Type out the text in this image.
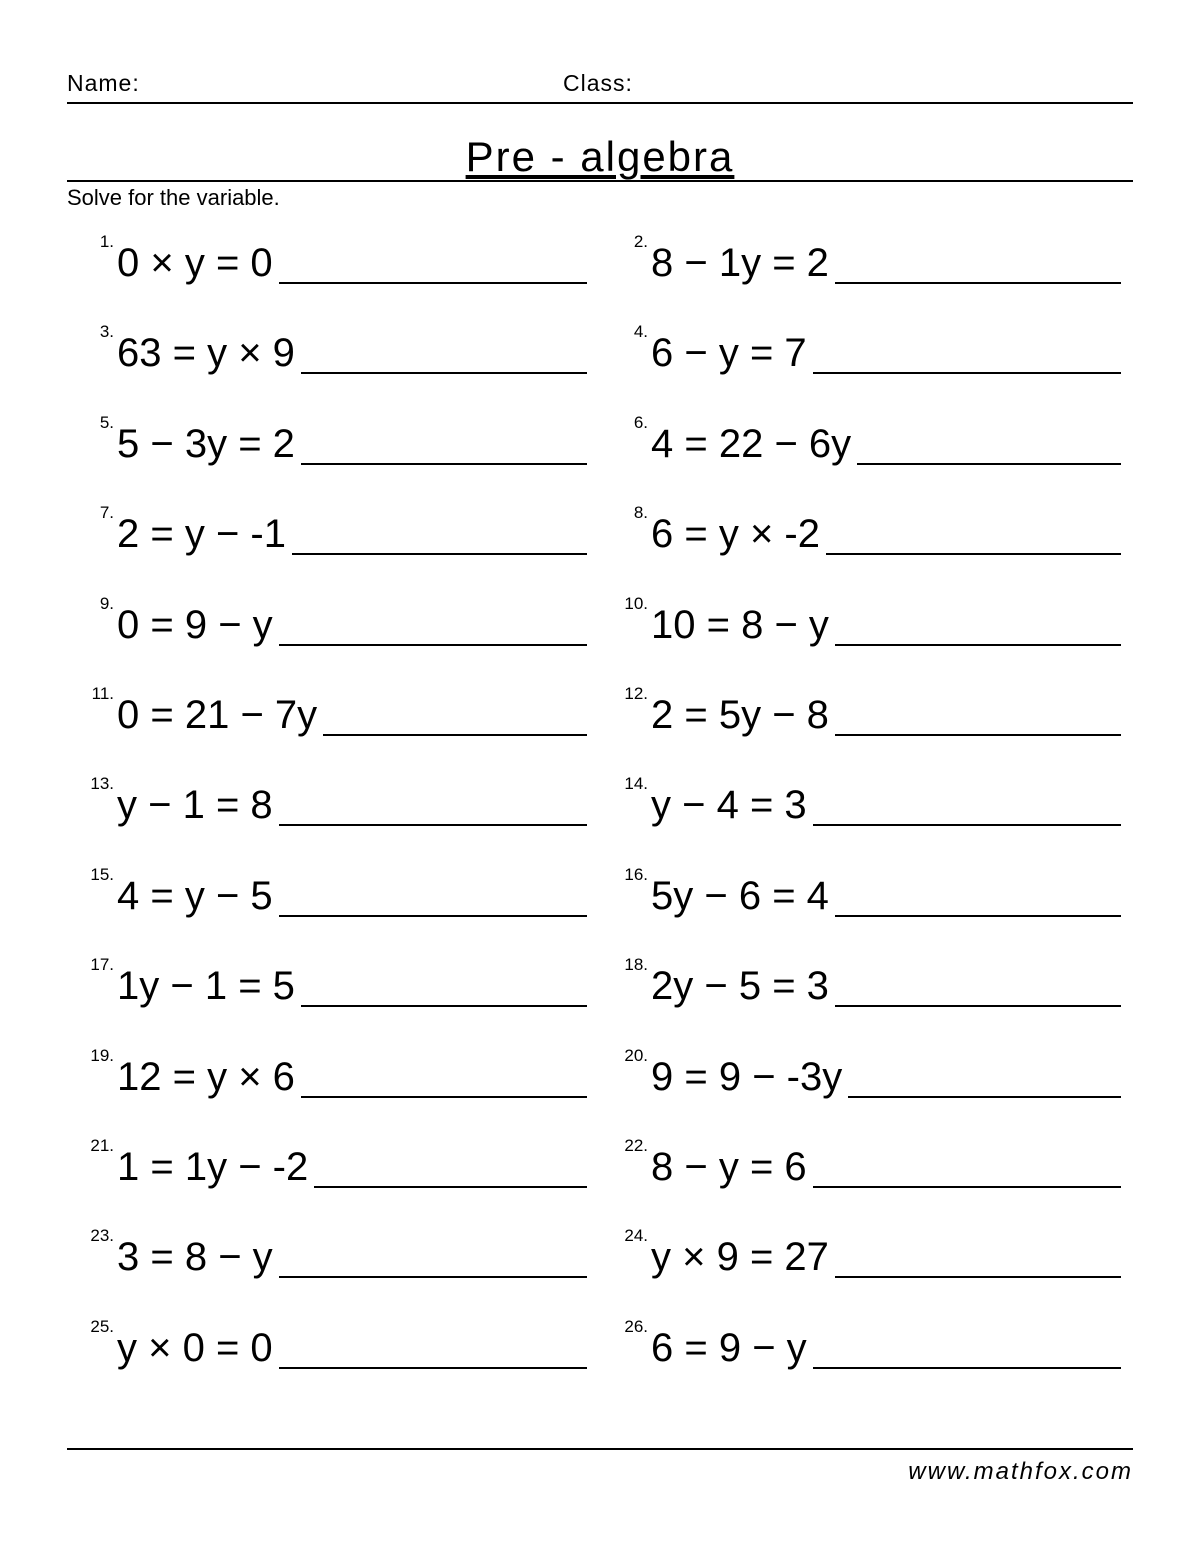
Name:	Class:
Pre - algebra
Solve for the variable.
1. 0 × y = 0	2. 8 − 1y = 2
3. 63 = y × 9	4. 6 − y = 7
5. 5 − 3y = 2	6. 4 = 22 − 6y
7. 2 = y − -1	8. 6 = y × -2
9. 0 = 9 − y	10. 10 = 8 − y
11. 0 = 21 − 7y	12. 2 = 5y − 8
13. y − 1 = 8	14. y − 4 = 3
15. 4 = y − 5	16. 5y − 6 = 4
17. 1y − 1 = 5	18. 2y − 5 = 3
19. 12 = y × 6	20. 9 = 9 − -3y
21. 1 = 1y − -2	22. 8 − y = 6
23. 3 = 8 − y	24. y × 9 = 27
25. y × 0 = 0	26. 6 = 9 − y
www.mathfox.com
